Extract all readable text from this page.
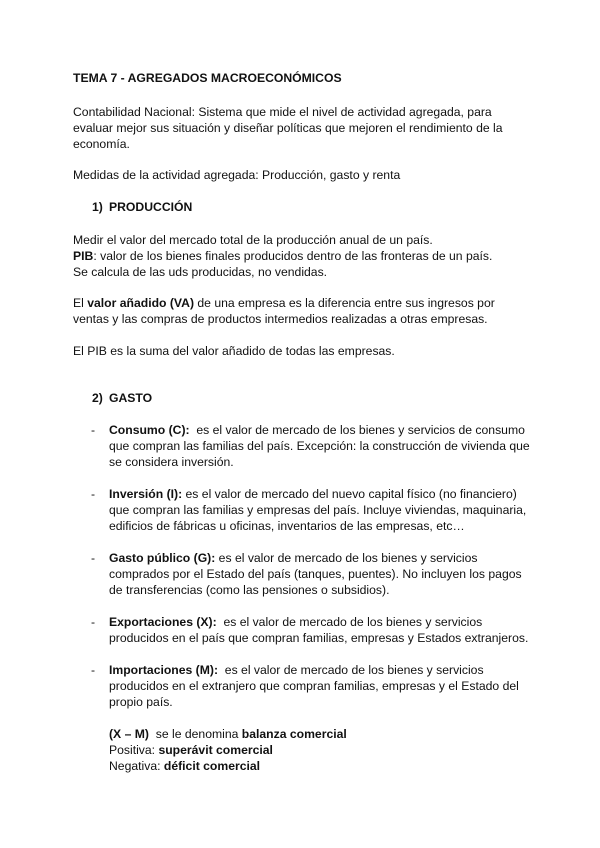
TEMA 7 - AGREGADOS MACROECONÓMICOS
Medidas de la actividad agregada: Producción, gasto y renta
1) PRODUCCIÓN
2) GASTO
Contabilidad Nacional: Sistema que mide el nivel de actividad agregada, para
evaluar mejor sus situación y diseñar políticas que mejoren el rendimiento de la
economía.
Medir el valor del mercado total de la producción anual de un país.
PIB: valor de los bienes finales producidos dentro de las fronteras de un país.
Se calcula de las uds producidas, no vendidas.
El valor añadido (VA) de una empresa es la diferencia entre sus ingresos por
ventas y las compras de productos intermedios realizadas a otras empresas.
El PIB es la suma del valor añadido de todas las empresas.
- Consumo (C):  es el valor de mercado de los bienes y servicios de consumo
que compran las familias del país. Excepción: la construcción de vivienda que
se considera inversión.
- Inversión (I): es el valor de mercado del nuevo capital físico (no financiero)
que compran las familias y empresas del país. Incluye viviendas, maquinaria,
edificios de fábricas u oficinas, inventarios de las empresas, etc…
- Gasto público (G): es el valor de mercado de los bienes y servicios
comprados por el Estado del país (tanques, puentes). No incluyen los pagos
de transferencias (como las pensiones o subsidios).
- Exportaciones (X):  es el valor de mercado de los bienes y servicios
producidos en el país que compran familias, empresas y Estados extranjeros.
- Importaciones (M):  es el valor de mercado de los bienes y servicios
producidos en el extranjero que compran familias, empresas y el Estado del
propio país.
(X – M)  se le denomina balanza comercial
Positiva: superávit comercial
Negativa: déficit comercial
